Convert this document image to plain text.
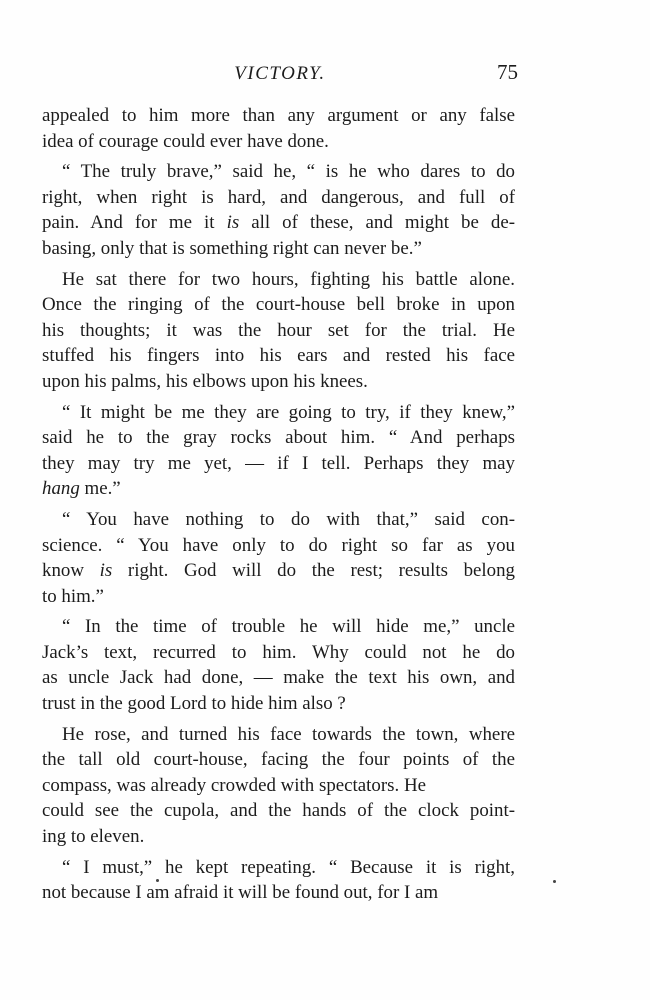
VICTORY.	75

appealed to him more than any argument or any false
idea of courage could ever have done.

“ The truly brave,” said he, “ is he who dares to do
right, when right is hard, and dangerous, and full of
pain. And for me it is all of these, and might be de-
basing, only that is something right can never be.”

He sat there for two hours, fighting his battle alone.
Once the ringing of the court-house bell broke in upon
his thoughts; it was the hour set for the trial. He
stuffed his fingers into his ears and rested his face
upon his palms, his elbows upon his knees.

“ It might be me they are going to try, if they knew,”
said he to the gray rocks about him. “ And perhaps
they may try me yet, — if I tell. Perhaps they may
hang me.”

“ You have nothing to do with that,” said con-
science. “ You have only to do right so far as you
know is right. God will do the rest; results belong
to him.”

“ In the time of trouble he will hide me,” uncle
Jack’s text, recurred to him. Why could not he do
as uncle Jack had done, — make the text his own, and
trust in the good Lord to hide him also ?

He rose, and turned his face towards the town, where
the tall old court-house, facing the four points of the
compass, was already crowded with spectators. He
could see the cupola, and the hands of the clock point-
ing to eleven.

“ I must,” he kept repeating. “ Because it is right,
not because I am afraid it will be found out, for I am
